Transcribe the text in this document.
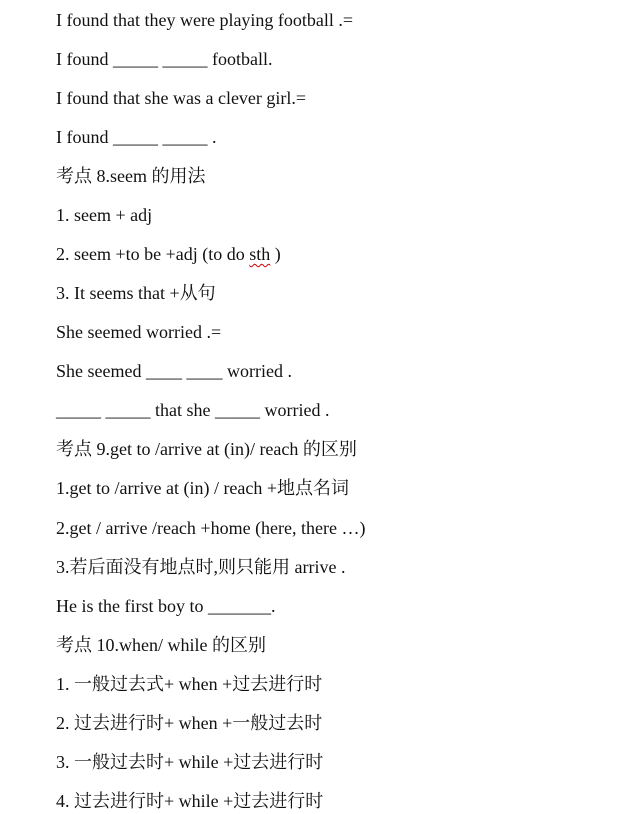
I found that they were playing football .=
I found _____ _____ football.
I found that she was a clever girl.=
I found _____ _____ .
考点 8.seem 的用法
1. seem + adj
2. seem +to be +adj (to do sth )
3. It seems that +从句
She seemed worried .=
She seemed ____ ____ worried .
_____ _____ that she _____ worried .
考点 9.get to /arrive at (in)/ reach 的区别
1.get to /arrive at (in) / reach +地点名词
2.get / arrive /reach +home (here, there …)
3.若后面没有地点时,则只能用 arrive .
He is the first boy to _______.
考点 10.when/ while 的区别
1. 一般过去式+ when +过去进行时
2. 过去进行时+ when +一般过去时
3. 一般过去时+ while +过去进行时
4. 过去进行时+ while +过去进行时
